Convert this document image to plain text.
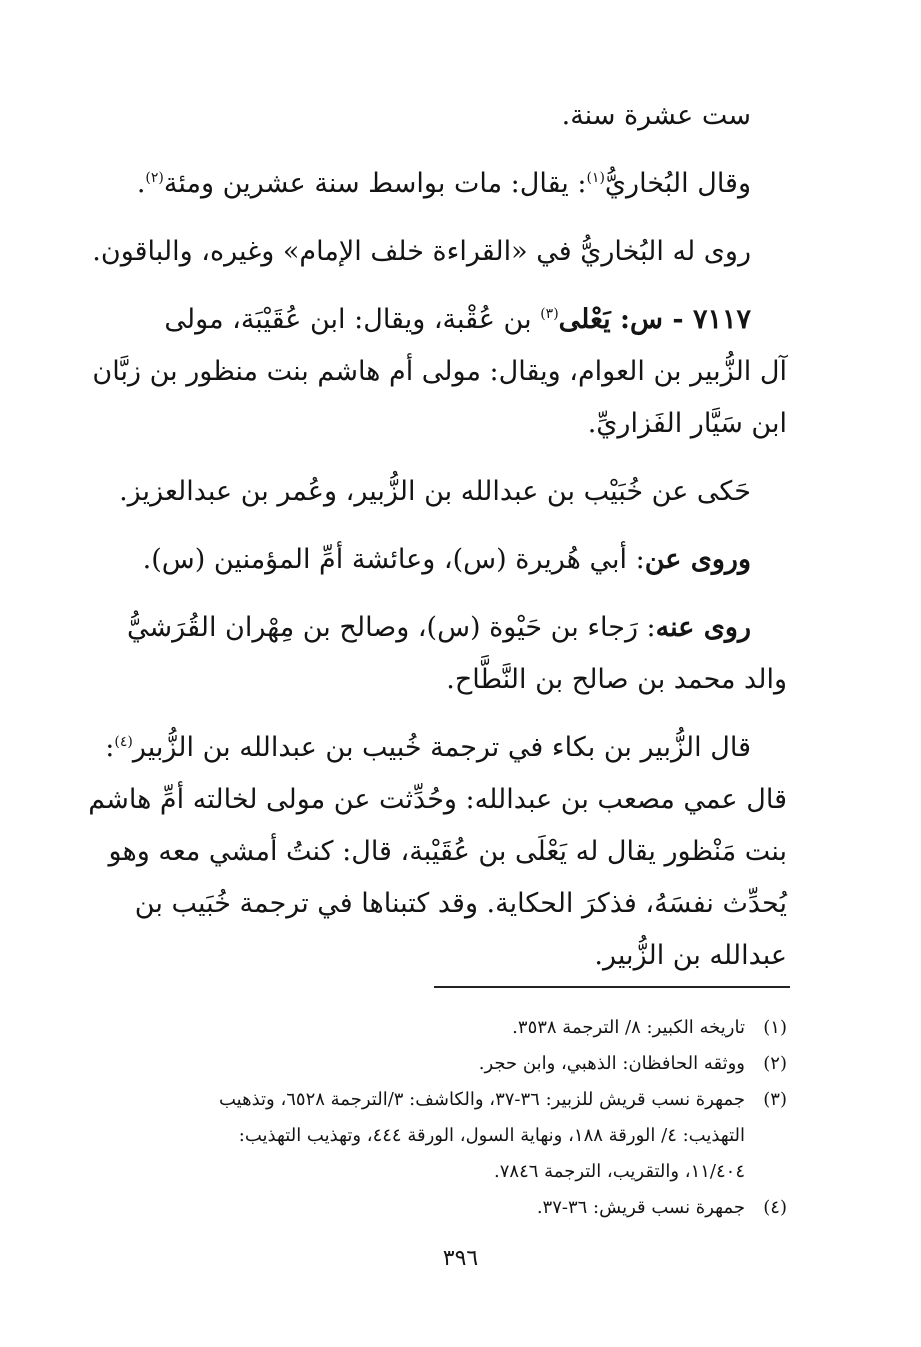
ست عشرة سنة.

وقال البُخاريُّ$^{(١)}$: يقال: مات بواسط سنة عشرين ومئة$^{(٢)}$.

روى له البُخاريُّ في «القراءة خلف الإمام» وغيره، والباقون.

٧١١٧ - س: يَعْلى$^{(٣)}$ بن عُقْبة، ويقال: ابن عُقَيْبَة، مولى
آل الزُّبير بن العوام، ويقال: مولى أم هاشم بنت منظور بن زبَّان
ابن سَيَّار الفَزاريِّ.

حَكى عن خُبَيْب بن عبدالله بن الزُّبير، وعُمر بن عبدالعزيز.

وروى عن: أبي هُريرة (س)، وعائشة أمِّ المؤمنين (س).

روى عنه: رَجاء بن حَيْوة (س)، وصالح بن مِهْران القُرَشيُّ
والد محمد بن صالح بن النَّطَّاح.

قال الزُّبير بن بكاء في ترجمة خُبيب بن عبدالله بن الزُّبير$^{(٤)}$:
قال عمي مصعب بن عبدالله: وحُدِّثت عن مولى لخالته أمِّ هاشم
بنت مَنْظور يقال له يَعْلَى بن عُقَيْبة، قال: كنتُ أمشي معه وهو
يُحدِّث نفسَهُ، فذكرَ الحكاية. وقد كتبناها في ترجمة خُبَيب بن
عبدالله بن الزُّبير.

(١)
تاريخه الكبير: ٨/ الترجمة ٣٥٣٨.
(٢)
ووثقه الحافظان: الذهبي، وابن حجر.
(٣)
جمهرة نسب قريش للزبير: ٣٦-٣٧، والكاشف: ٣/الترجمة ٦٥٢٨، وتذهيب
التهذيب: ٤/ الورقة ١٨٨، ونهاية السول، الورقة ٤٤٤، وتهذيب التهذيب:
١١/٤٠٤، والتقريب، الترجمة ٧٨٤٦.
(٤)
جمهرة نسب قريش: ٣٦-٣٧.
٣٩٦
